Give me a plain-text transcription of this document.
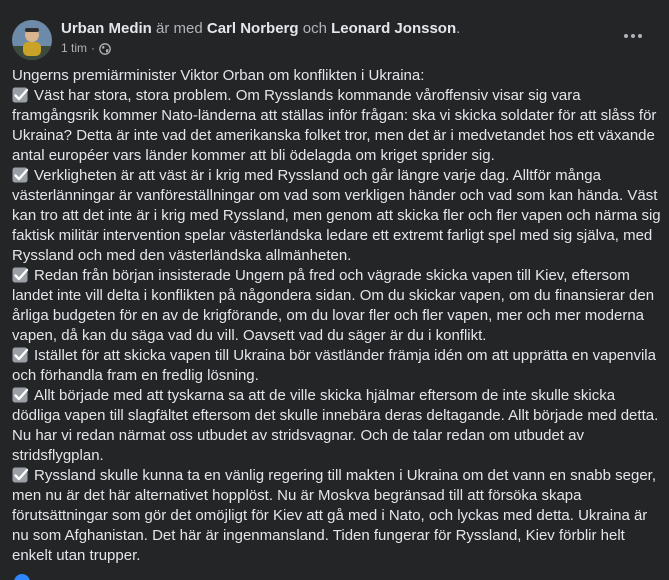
Urban Medin är med Carl Norberg och Leonard Jonsson.
1 tim ·

Ungerns premiärminister Viktor Orban om konflikten i Ukraina:

Väst har stora, stora problem. Om Rysslands kommande våroffensiv visar sig vara framgångsrik kommer Nato-länderna att ställas inför frågan: ska vi skicka soldater för att slåss för Ukraina? Detta är inte vad det amerikanska folket tror, men det är i medvetandet hos ett växande antal européer vars länder kommer att bli ödelagda om kriget sprider sig.

Verkligheten är att väst är i krig med Ryssland och går längre varje dag. Alltför många västerlänningar är vanföreställningar om vad som verkligen händer och vad som kan hända. Väst kan tro att det inte är i krig med Ryssland, men genom att skicka fler och fler vapen och närma sig faktisk militär intervention spelar västerländska ledare ett extremt farligt spel med sig själva, med Ryssland och med den västerländska allmänheten.

Redan från början insisterade Ungern på fred och vägrade skicka vapen till Kiev, eftersom landet inte vill delta i konflikten på någondera sidan. Om du skickar vapen, om du finansierar den årliga budgeten för en av de krigförande, om du lovar fler och fler vapen, mer och mer moderna vapen, då kan du säga vad du vill. Oavsett vad du säger är du i konflikt.

Istället för att skicka vapen till Ukraina bör västländer främja idén om att upprätta en vapenvila och förhandla fram en fredlig lösning.

Allt började med att tyskarna sa att de ville skicka hjälmar eftersom de inte skulle skicka dödliga vapen till slagfältet eftersom det skulle innebära deras deltagande. Allt började med detta. Nu har vi redan närmat oss utbudet av stridsvagnar. Och de talar redan om utbudet av stridsflygplan.

Ryssland skulle kunna ta en vänlig regering till makten i Ukraina om det vann en snabb seger, men nu är det här alternativet hopplöst. Nu är Moskva begränsad till att försöka skapa förutsättningar som gör det omöjligt för Kiev att gå med i Nato, och lyckas med detta. Ukraina är nu som Afghanistan. Det här är ingenmansland. Tiden fungerar för Ryssland, Kiev förblir helt enkelt utan trupper.
